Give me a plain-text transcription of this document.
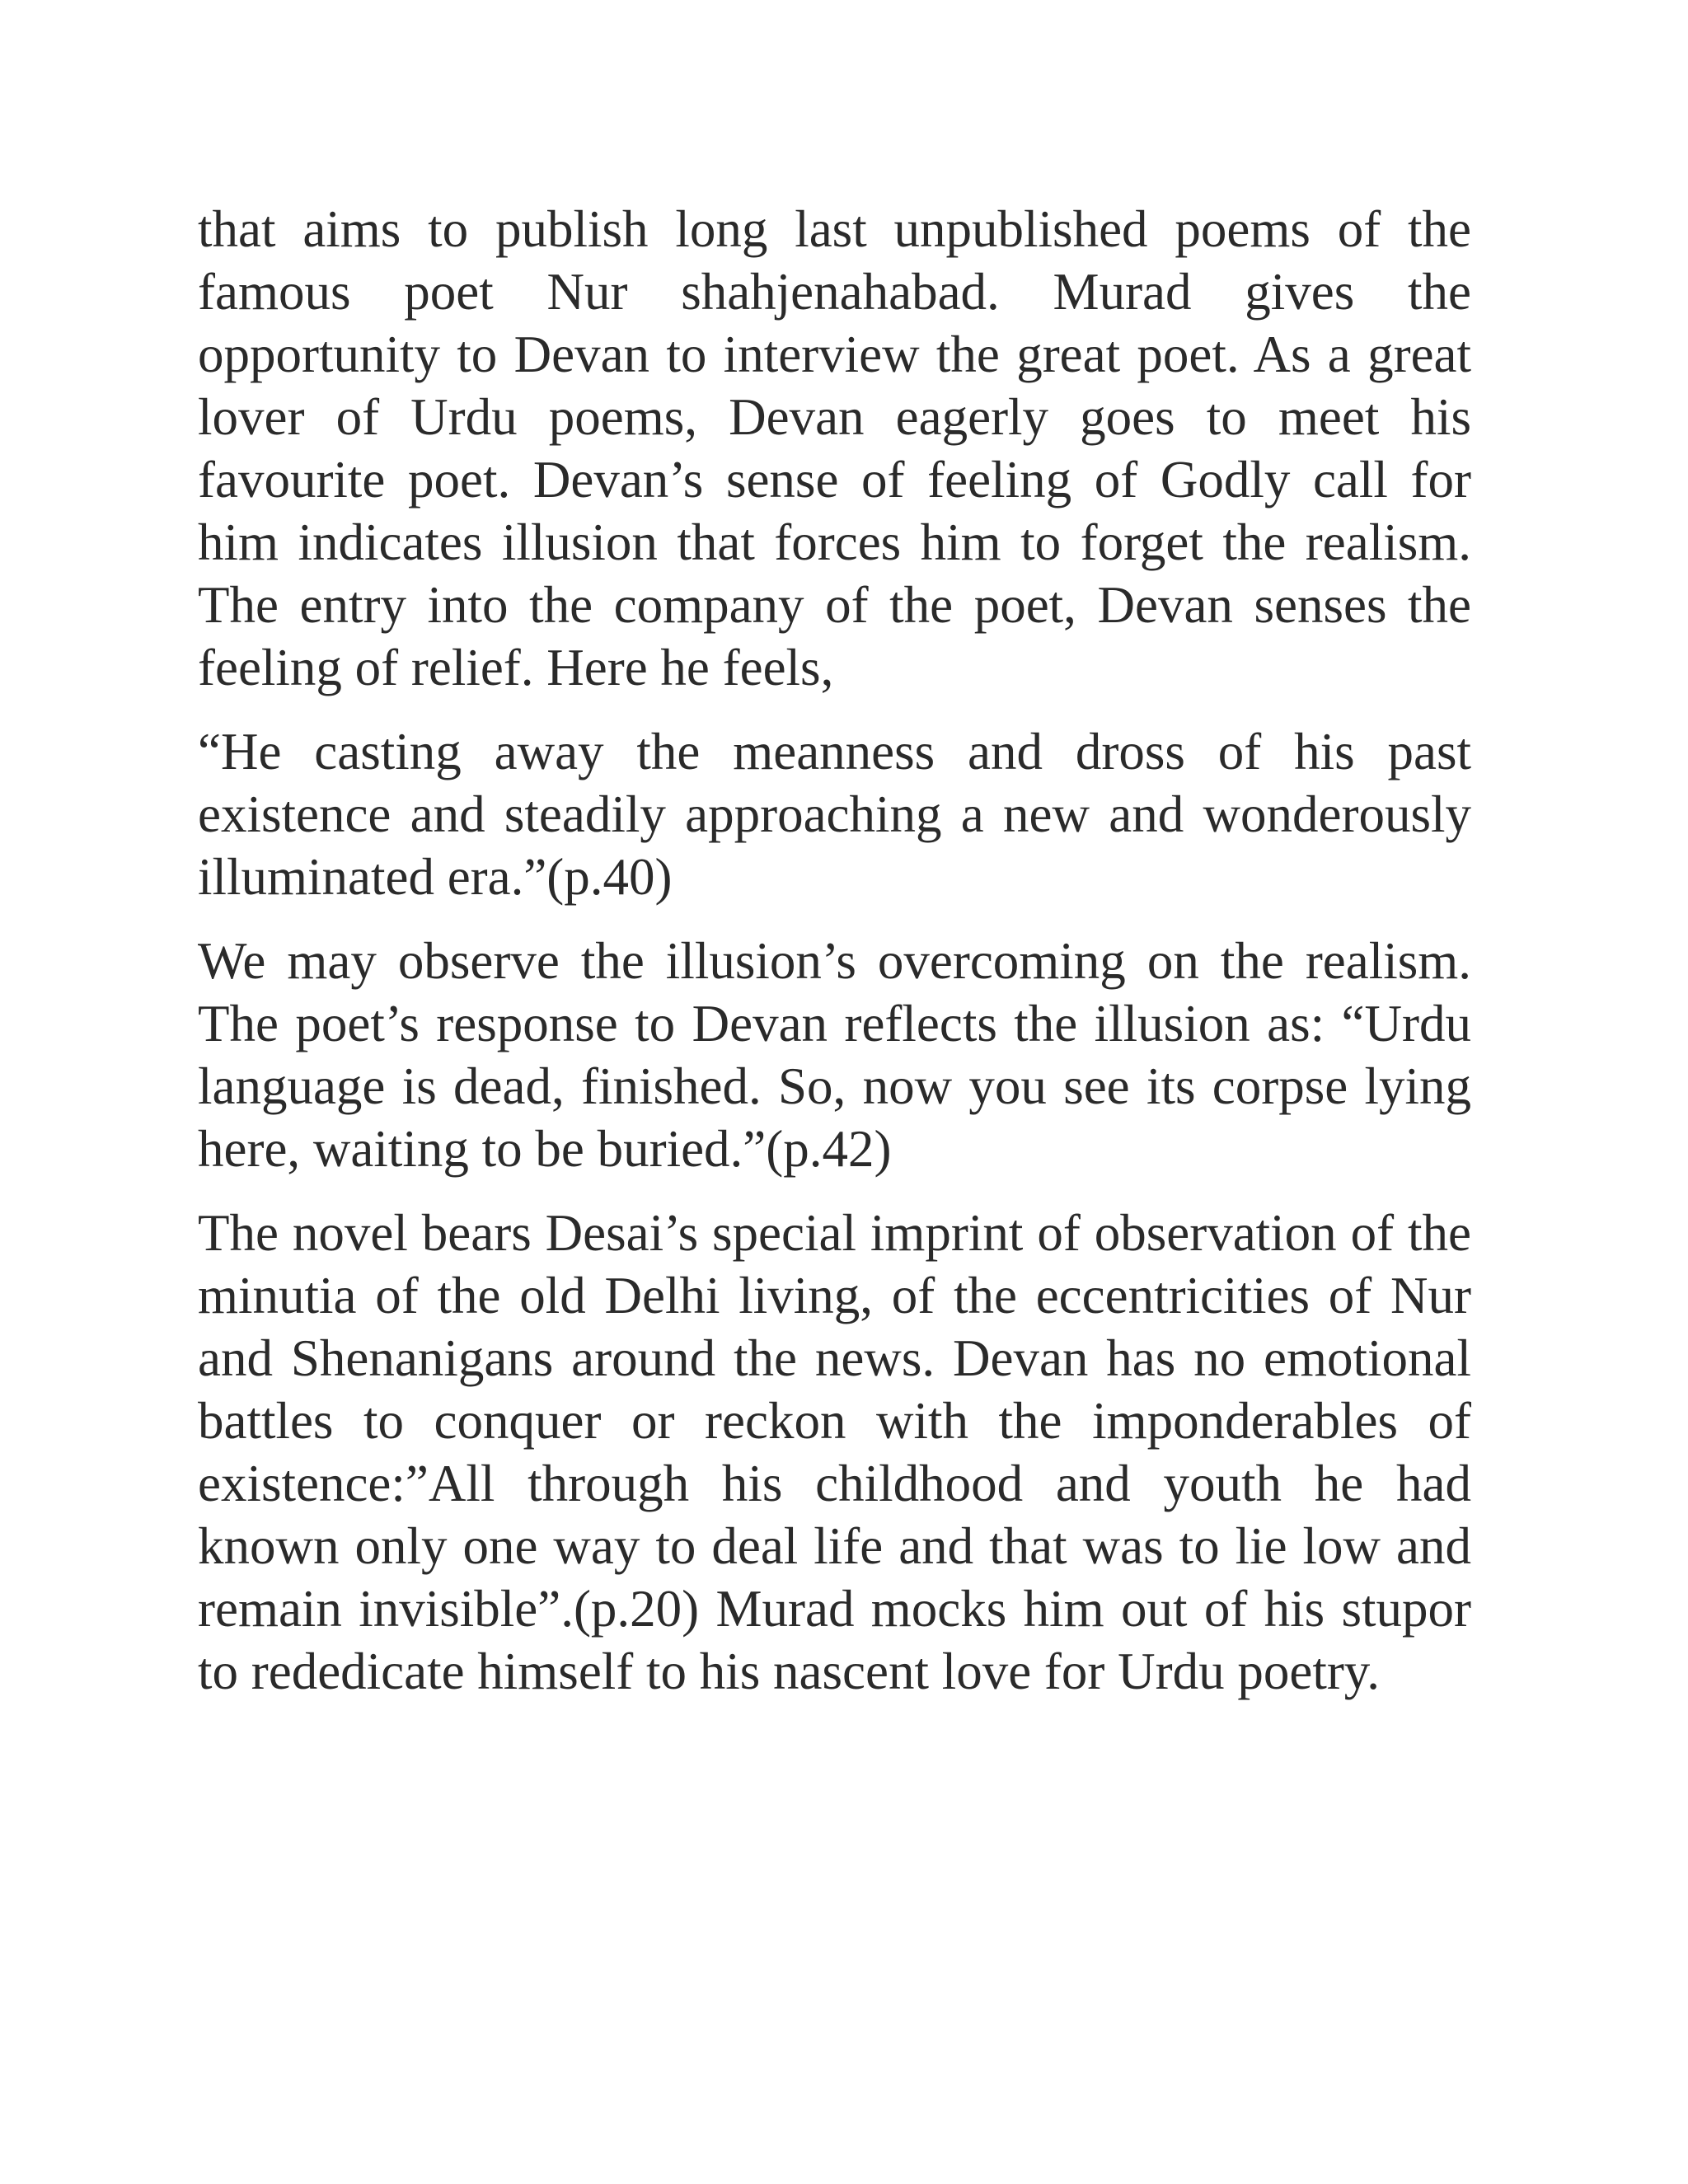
that aims to publish long last unpublished poems of the famous poet Nur shahjenahabad. Murad gives the opportunity to Devan to interview the great poet. As a great lover of Urdu poems, Devan eagerly goes to meet his favourite poet. Devan’s sense of feeling of Godly call for him indicates illusion that forces him to forget the realism. The entry into the company of the poet, Devan senses the feeling of relief. Here he feels,

“He casting away the meanness and dross of his past existence and steadily approaching a new and wonderously illuminated era.”(p.40)

We may observe the illusion’s overcoming on the realism. The poet’s response to Devan reflects the illusion as: “Urdu language is dead, finished. So, now you see its corpse lying here, waiting to be buried.”(p.42)

The novel bears Desai’s special imprint of observation of the minutia of the old Delhi living, of the eccentricities of Nur and Shenanigans around the news. Devan has no emotional battles to conquer or reckon with the imponderables of existence:”All through his childhood and youth he had known only one way to deal life and that was to lie low and remain invisible”.(p.20) Murad mocks him out of his stupor to rededicate himself to his nascent love for Urdu poetry.
